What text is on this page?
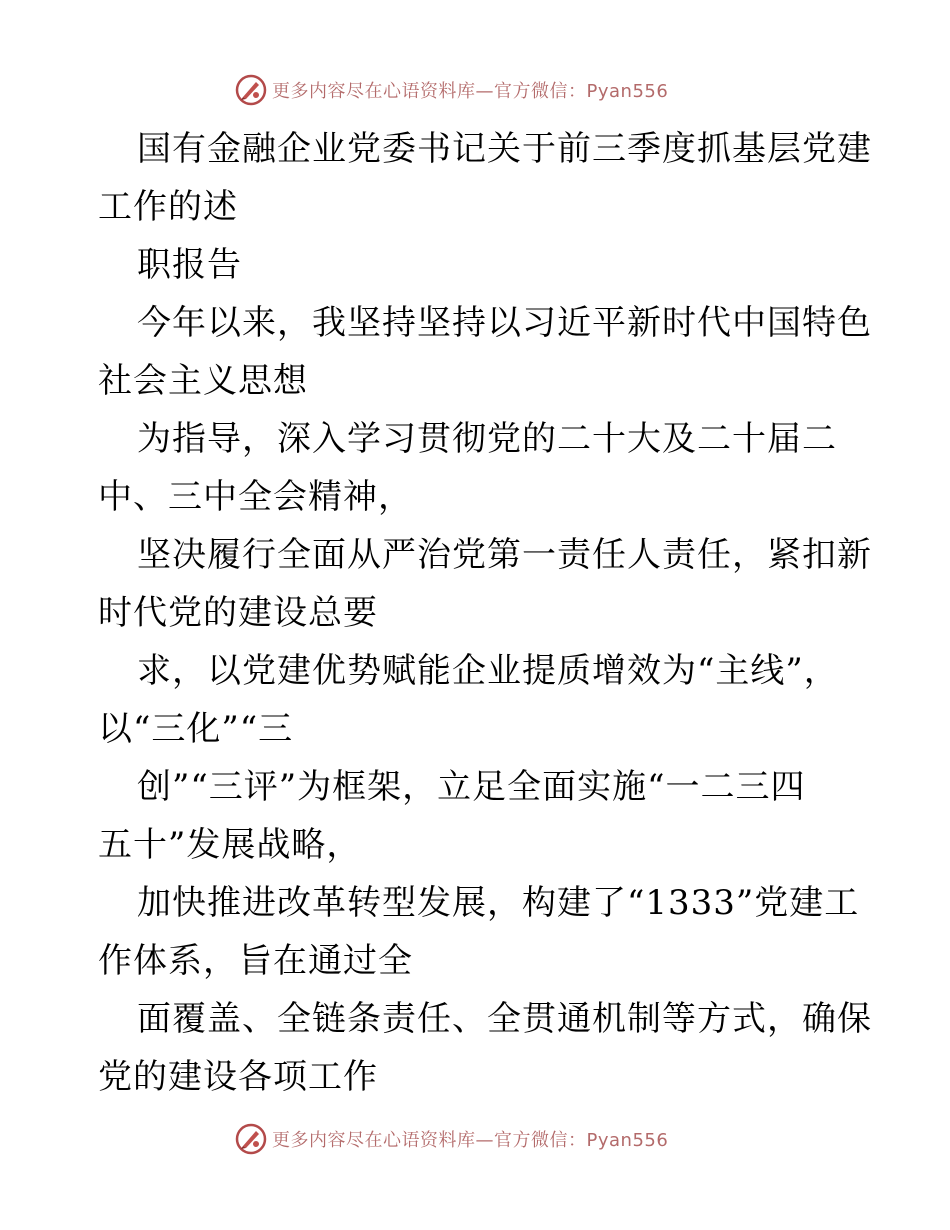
更多内容尽在心语资料库—官方微信：Pyan556
国有金融企业党委书记关于前三季度抓基层党建
工作的述
职报告
今年以来，我坚持坚持以习近平新时代中国特色
社会主义思想
为指导，深入学习贯彻党的二十大及二十届二
中、三中全会精神，
坚决履行全面从严治党第一责任人责任，紧扣新
时代党的建设总要
求，以党建优势赋能企业提质增效为“主线”，
以“三化”“三
创”“三评”为框架，立足全面实施“一二三四
五十”发展战略，
加快推进改革转型发展，构建了“1333”党建工
作体系，旨在通过全
面覆盖、全链条责任、全贯通机制等方式，确保
党的建设各项工作
更多内容尽在心语资料库—官方微信：Pyan556
